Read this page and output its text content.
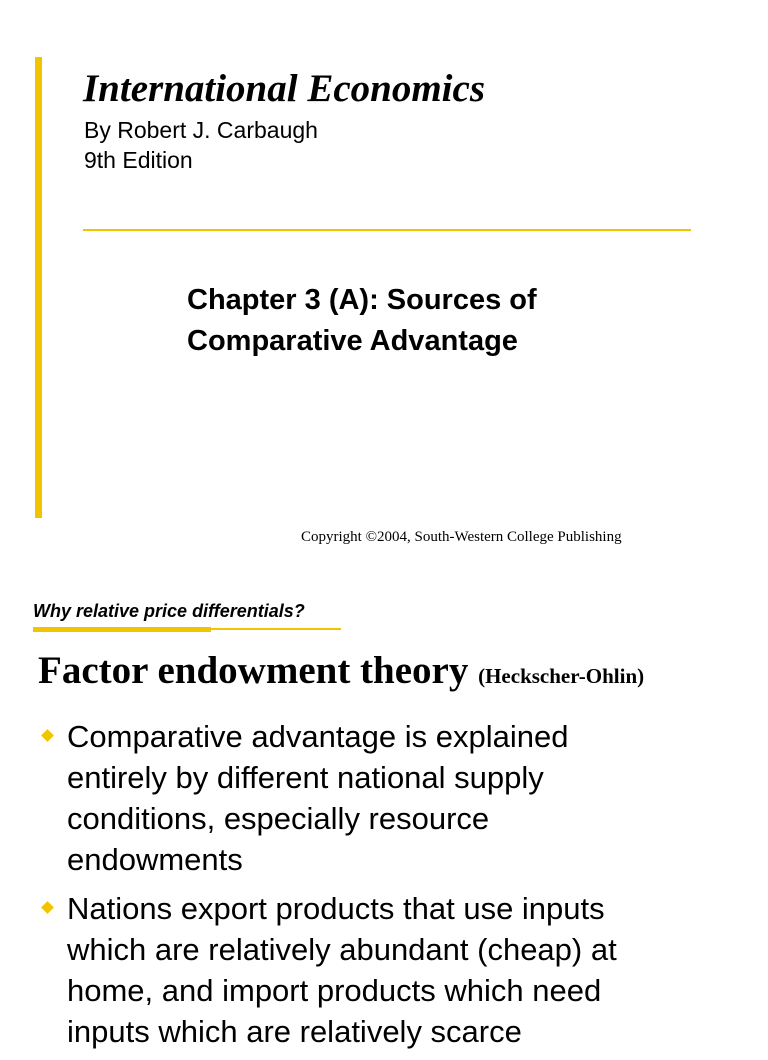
International Economics

By Robert J. Carbaugh

9th Edition

Chapter 3 (A): Sources of
Comparative Advantage

Copyright ©2004, South-Western College Publishing

Why relative price differentials?

Factor endowment theory (Heckscher-Ohlin)
Comparative advantage is explained
entirely by different national supply
conditions, especially resource
endowments
Nations export products that use inputs
which are relatively abundant (cheap) at
home, and import products which need
inputs which are relatively scarce
